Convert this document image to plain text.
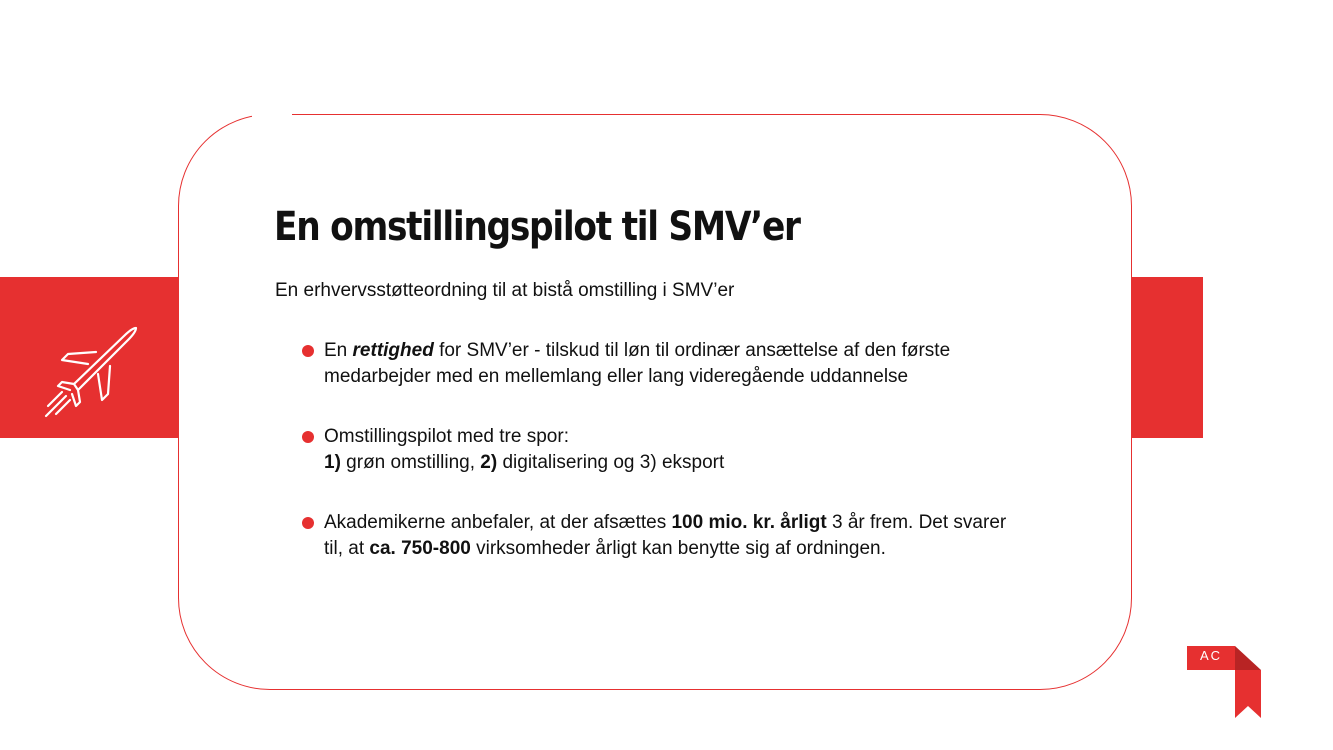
En omstillingspilot til SMV’er
En erhvervsstøtteordning til at bistå omstilling i SMV’er
En rettighed for SMV’er - tilskud til løn til ordinær ansættelse af den første medarbejder med en mellemlang eller lang videregående uddannelse
Omstillingspilot med tre spor:
1) grøn omstilling, 2) digitalisering og 3) eksport
Akademikerne anbefaler, at der afsættes 100 mio. kr. årligt 3 år frem. Det svarer til, at ca. 750-800 virksomheder årligt kan benytte sig af ordningen.
AC
